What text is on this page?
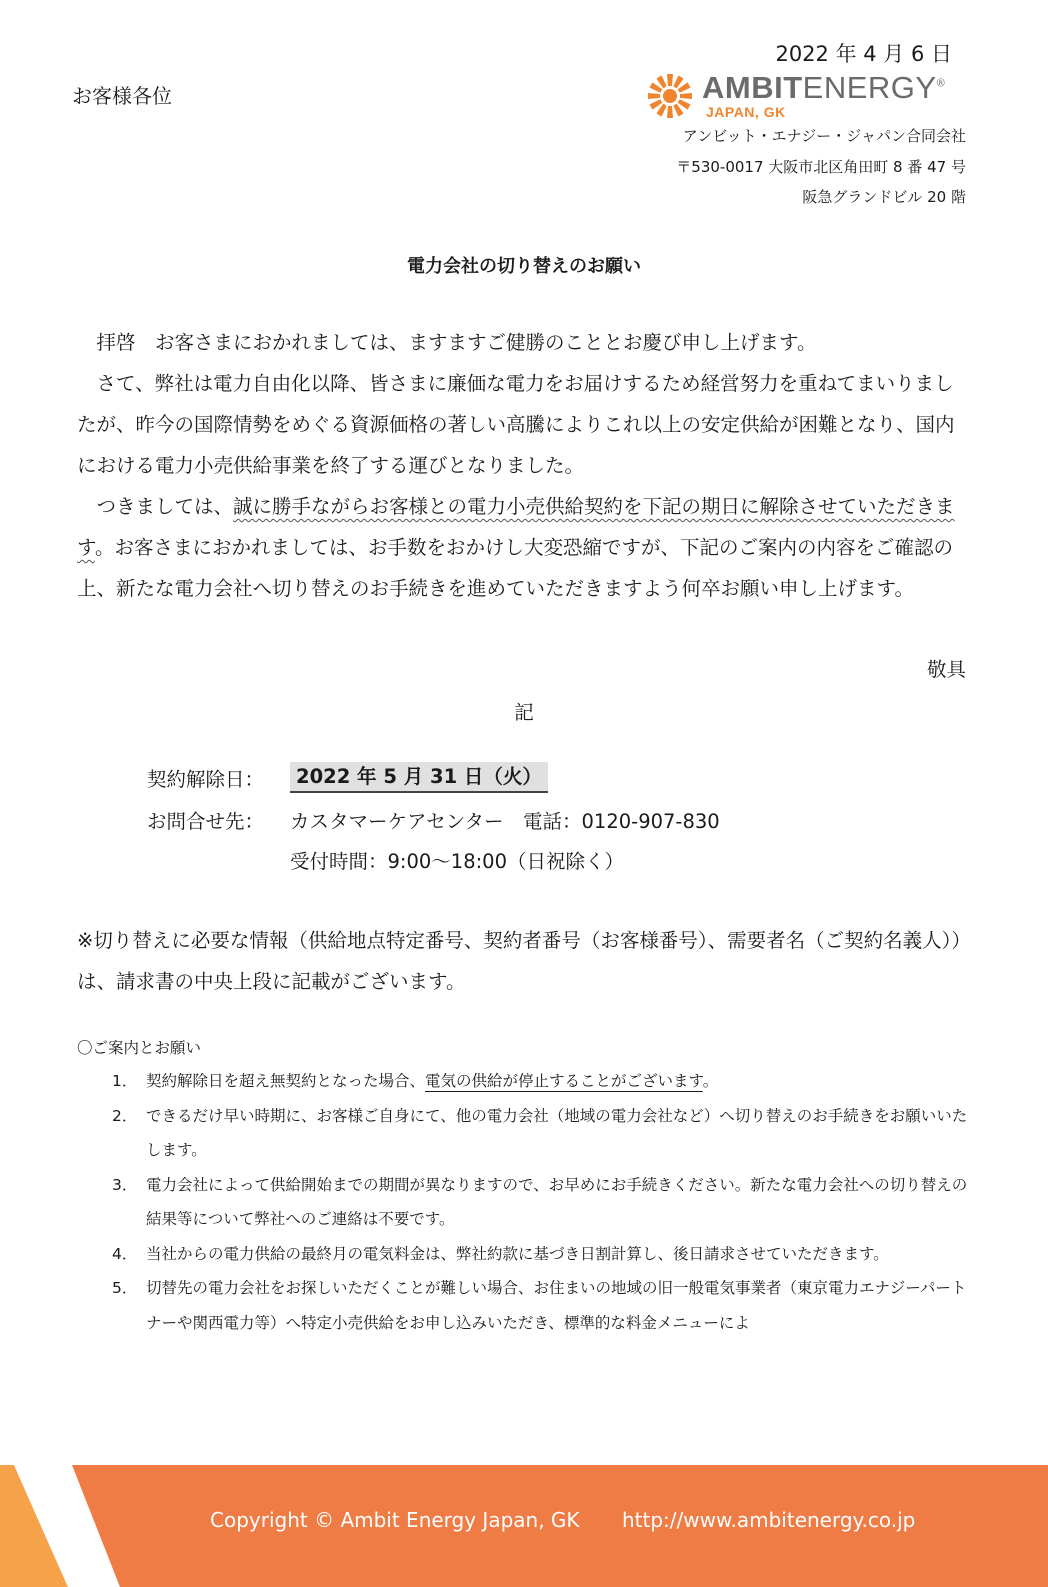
2022 年 4 月 6 日
お客様各位	AMBITENERGY®
JAPAN, GK
アンビット・エナジー・ジャパン合同会社
〒530-0017 大阪市北区角田町 8 番 47 号
阪急グランドビル 20 階
電力会社の切り替えのお願い

拝啓　お客さまにおかれましては、ますますご健勝のこととお慶び申し上げます。

さて、弊社は電力自由化以降、皆さまに廉価な電力をお届けするため経営努力を重ねてまいりましたが、昨今の国際情勢をめぐる資源価格の著しい高騰によりこれ以上の安定供給が困難となり、国内における電力小売供給事業を終了する運びとなりました。

つきましては、誠に勝手ながらお客様との電力小売供給契約を下記の期日に解除させていただきます。お客さまにおかれましては、お手数をおかけし大変恐縮ですが、下記のご案内の内容をご確認の上、新たな電力会社へ切り替えのお手続きを進めていただきますよう何卒お願い申し上げます。

敬具
記
契約解除日：	2022 年 5 月 31 日（火）
お問合せ先： カスタマーケアセンター　電話：0120-907-830
受付時間：9:00～18:00（日祝除く）

※切り替えに必要な情報（供給地点特定番号、契約者番号（お客様番号）、需要者名（ご契約名義人））は、請求書の中央上段に記載がございます。

〇ご案内とお願い
1． 契約解除日を超え無契約となった場合、電気の供給が停止することがございます。
2． できるだけ早い時期に、お客様ご自身にて、他の電力会社（地域の電力会社など）へ切り替えのお手続きをお願いいたします。
3． 電力会社によって供給開始までの期間が異なりますので、お早めにお手続きください。新たな電力会社への切り替えの結果等について弊社へのご連絡は不要です。
4． 当社からの電力供給の最終月の電気料金は、弊社約款に基づき日割計算し、後日請求させていただきます。
5． 切替先の電力会社をお探しいただくことが難しい場合、お住まいの地域の旧一般電気事業者（東京電力エナジーパートナーや関西電力等）へ特定小売供給をお申し込みいただき、標準的な料金メニューによ
Copyright © Ambit Energy Japan, GK http://www.ambitenergy.co.jp
